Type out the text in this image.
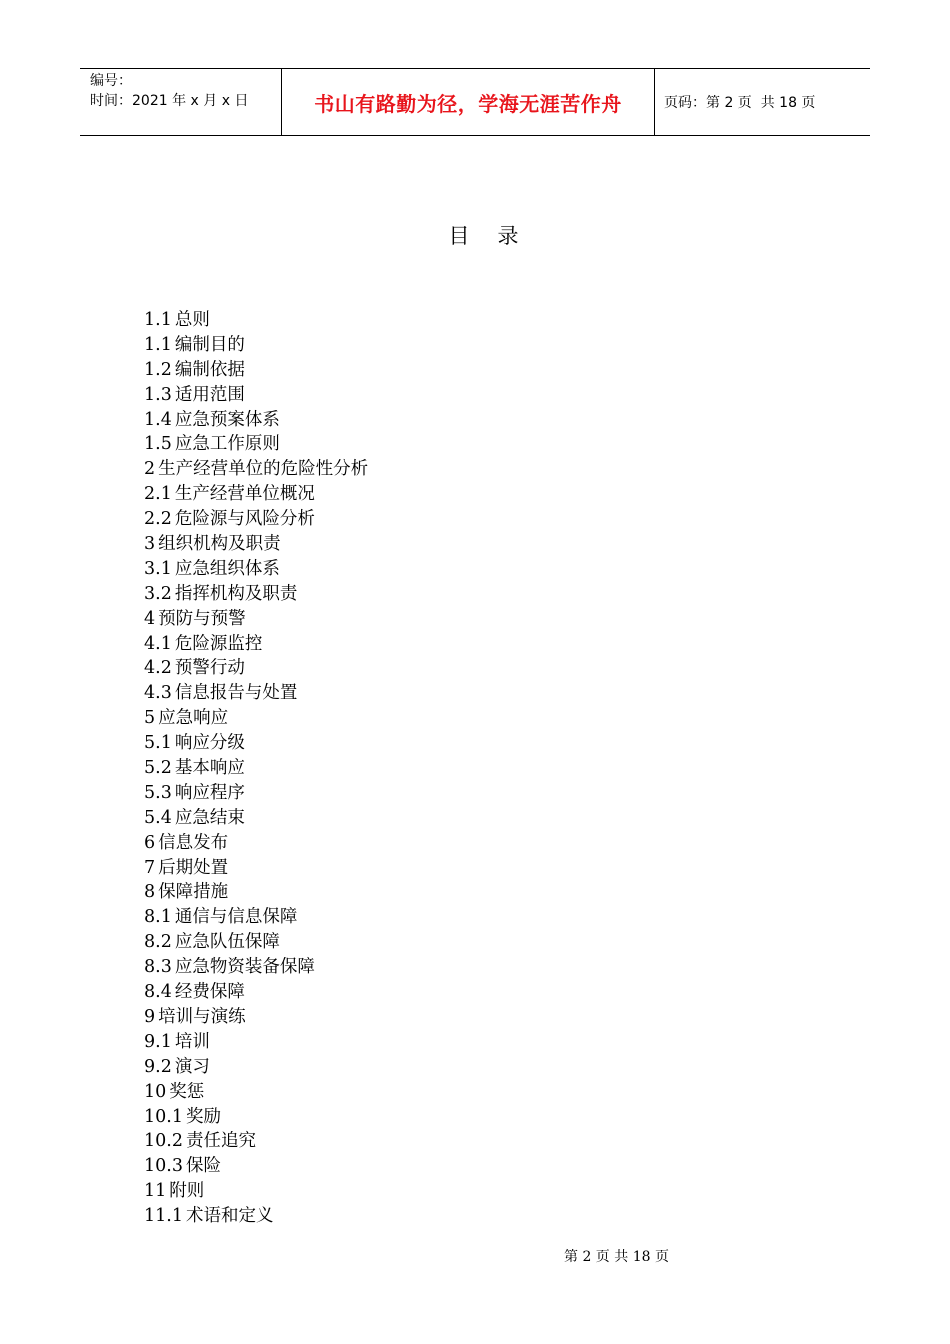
编号：
时间：2021 年 x 月 x 日	书山有路勤为径，学海无涯苦作舟	页码：第 2 页  共 18 页
目录
1.1 总则
1.1 编制目的
1.2 编制依据
1.3 适用范围
1.4 应急预案体系
1.5 应急工作原则
2 生产经营单位的危险性分析
2.1 生产经营单位概况
2.2 危险源与风险分析
3 组织机构及职责
3.1 应急组织体系
3.2 指挥机构及职责
4 预防与预警
4.1 危险源监控
4.2 预警行动
4.3 信息报告与处置
5 应急响应
5.1 响应分级
5.2 基本响应
5.3 响应程序
5.4 应急结束
6 信息发布
7 后期处置
8 保障措施
8.1 通信与信息保障
8.2 应急队伍保障
8.3 应急物资装备保障
8.4 经费保障
9 培训与演练
9.1 培训
9.2 演习
10 奖惩
10.1 奖励
10.2 责任追究
10.3 保险
11 附则
11.1 术语和定义
第 2 页 共 18 页
